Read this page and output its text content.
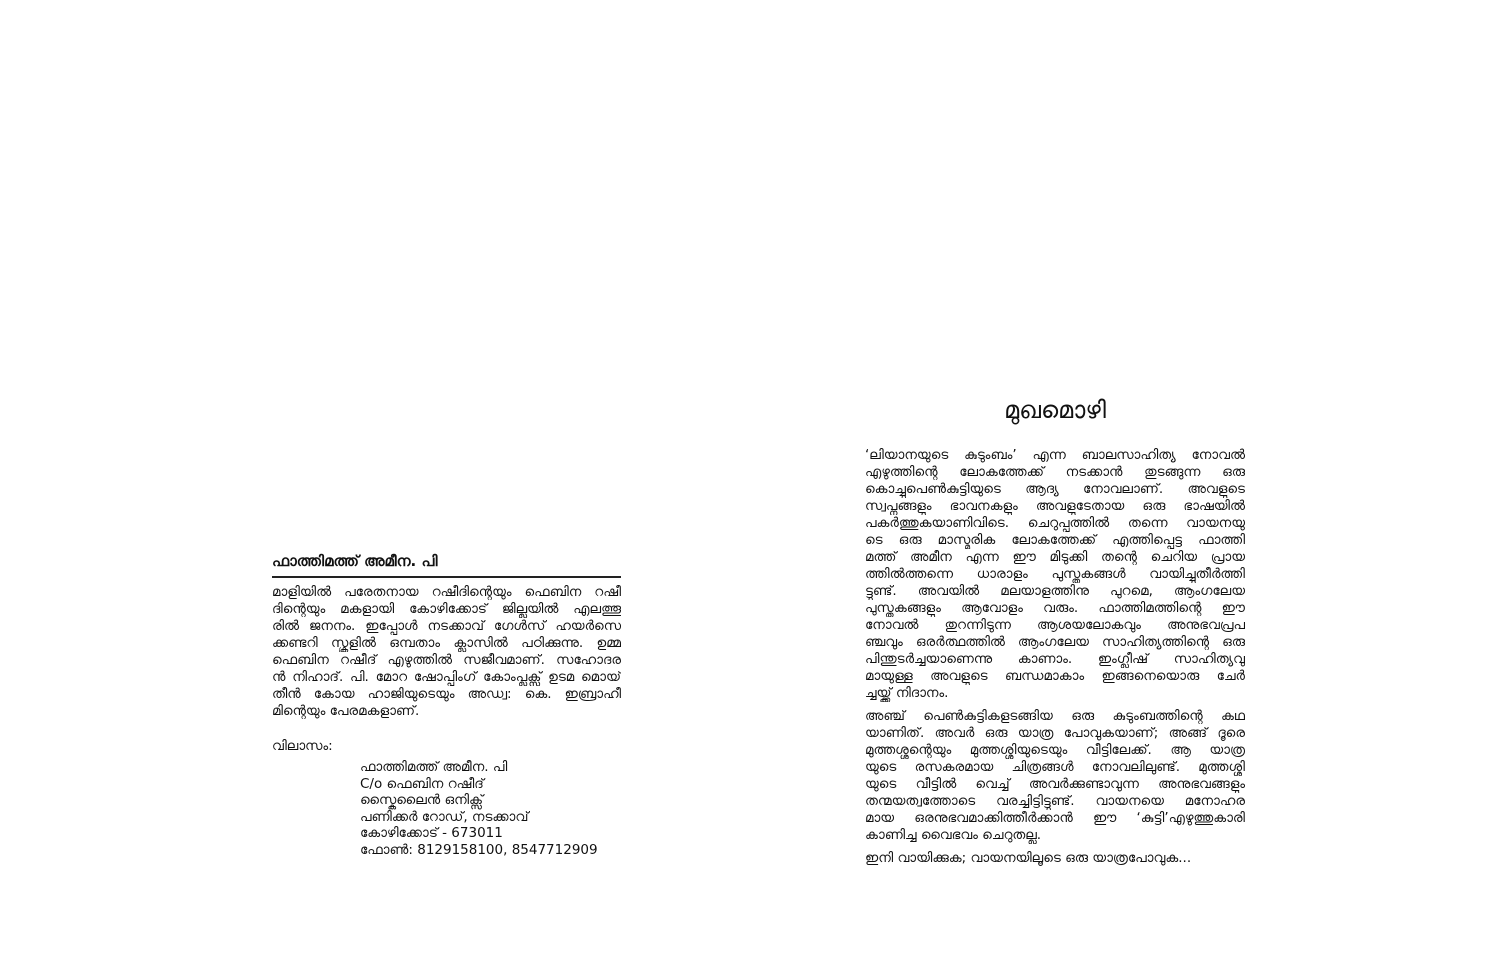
ഫാത്തിമത്ത് അമീന. പി
മാളിയിൽ പരേതനായ റഷീദിന്റെയും ഫെബിന റഷീ
ദിന്റെയും മകളായി കോഴിക്കോട് ജില്ലയിൽ എലത്തൂ
രിൽ ജനനം. ഇപ്പോൾ നടക്കാവ് ഗേൾസ് ഹയർസെ
ക്കണ്ടറി സ്കൂളിൽ ഒമ്പതാം ക്ലാസിൽ പഠിക്കുന്നു. ഉമ്മ
ഫെബിന റഷീദ് എഴുത്തിൽ സജീവമാണ്. സഹോദര
ൻ നിഹാദ്. പി. മോറ ഷോപ്പിംഗ് കോംപ്ലക്സ് ഉടമ മൊയ്
തീൻ കോയ ഹാജിയുടെയും അഡ്വ: കെ. ഇബ്രാഹീ
മിന്റെയും പേരമകളാണ്.
വിലാസം:
ഫാത്തിമത്ത് അമീന. പി
C/o ഫെബിന റഷീദ്
സ്കൈലൈൻ ഒനിക്സ്
പണിക്കർ റോഡ്, നടക്കാവ്
കോഴിക്കോട് - 673011
ഫോൺ: 8129158100, 8547712909
മുഖമൊഴി
‘ലിയാനയുടെ കുടുംബം’ എന്ന ബാലസാഹിത്യ നോവൽ
എഴുത്തിന്റെ ലോകത്തേക്ക് നടക്കാൻ തുടങ്ങുന്ന ഒരു
കൊച്ചുപെൺകുട്ടിയുടെ ആദ്യ നോവലാണ്. അവളുടെ
സ്വപ്നങ്ങളും ഭാവനകളും അവളുടേതായ ഒരു ഭാഷയിൽ
പകർത്തുകയാണിവിടെ. ചെറുപ്പത്തിൽ തന്നെ വായനയു
ടെ ഒരു മാസ്മരിക ലോകത്തേക്ക് എത്തിപ്പെട്ട ഫാത്തി
മത്ത് അമീന എന്ന ഈ മിടുക്കി തന്റെ ചെറിയ പ്രായ
ത്തിൽത്തന്നെ ധാരാളം പുസ്തകങ്ങൾ വായിച്ചുതീർത്തി
ട്ടുണ്ട്. അവയിൽ മലയാളത്തിനു പുറമെ, ആംഗലേയ
പുസ്തകങ്ങളും ആവോളം വരും. ഫാത്തിമത്തിന്റെ ഈ
നോവൽ തുറന്നിടുന്ന ആശയലോകവും അനുഭവപ്രപ
ഞ്ചവും ഒരർത്ഥത്തിൽ ആംഗലേയ സാഹിത്യത്തിന്റെ ഒരു
പിന്തുടർച്ചയാണെന്നു കാണാം. ഇംഗ്ലീഷ് സാഹിത്യവു
മായുള്ള അവളുടെ ബന്ധമാകാം ഇങ്ങനെയൊരു ചേർ
ച്ചയ്ക്ക് നിദാനം.
അഞ്ച് പെൺകുട്ടികളടങ്ങിയ ഒരു കുടുംബത്തിന്റെ കഥ
യാണിത്. അവർ ഒരു യാത്ര പോവുകയാണ്; അങ്ങ് ദൂരെ
മുത്തശ്ശന്റെയും മുത്തശ്ശിയുടെയും വീട്ടിലേക്ക്. ആ യാത്ര
യുടെ രസകരമായ ചിത്രങ്ങൾ നോവലിലുണ്ട്. മുത്തശ്ശി
യുടെ വീട്ടിൽ വെച്ച് അവർക്കുണ്ടാവുന്ന അനുഭവങ്ങളും
തന്മയത്വത്തോടെ വരച്ചിട്ടിട്ടുണ്ട്. വായനയെ മനോഹര
മായ ഒരനുഭവമാക്കിത്തീർക്കാൻ ഈ ‘കുട്ടി’എഴുത്തുകാരി
കാണിച്ച വൈഭവം ചെറുതല്ല.
ഇനി വായിക്കുക; വായനയിലൂടെ ഒരു യാത്രപോവുക...
